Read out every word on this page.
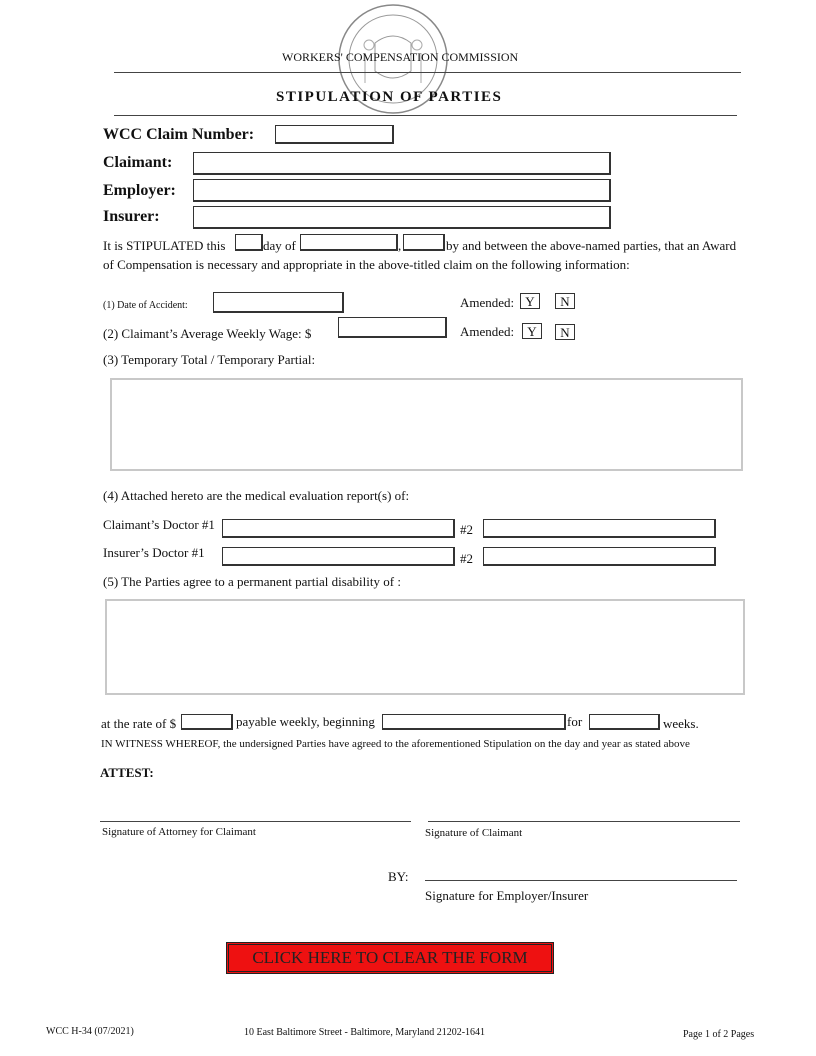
WORKERS' COMPENSATION COMMISSION
STIPULATION OF PARTIES
WCC Claim Number:
Claimant:
Employer:
Insurer:
It is STIPULATED this	day of	,	by and between the above-named parties, that an Award
of Compensation is necessary and appropriate in the above-titled claim on the following information:
(1) Date of Accident:	Amended: Y	N
(2) Claimant’s Average Weekly Wage: $	Amended:	Y	N
(3) Temporary Total / Temporary Partial:
(4) Attached hereto are the medical evaluation report(s) of:
Claimant’s Doctor #1	#2
Insurer’s Doctor #1	#2
(5) The Parties agree to a permanent partial disability of :
at the rate of $	payable weekly, beginning	for	weeks.
IN WITNESS WHEREOF, the undersigned Parties have agreed to the aforementioned Stipulation on the day and year as stated above
ATTEST:
Signature of Attorney for Claimant	Signature of Claimant
BY:
Signature for Employer/Insurer
CLICK HERE TO CLEAR THE FORM
WCC H-34 (07/2021)	10 East Baltimore Street - Baltimore, Maryland 21202-1641	Page 1 of 2 Pages
